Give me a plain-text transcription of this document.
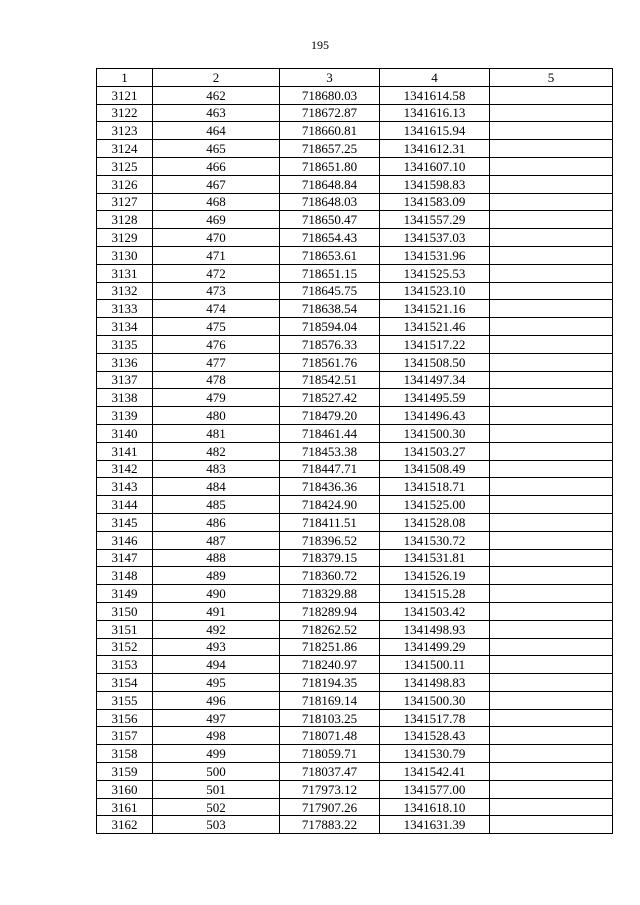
195
1	2	3	4	5
3121	462	718680.03	1341614.58	
3122	463	718672.87	1341616.13	
3123	464	718660.81	1341615.94	
3124	465	718657.25	1341612.31	
3125	466	718651.80	1341607.10	
3126	467	718648.84	1341598.83	
3127	468	718648.03	1341583.09	
3128	469	718650.47	1341557.29	
3129	470	718654.43	1341537.03	
3130	471	718653.61	1341531.96	
3131	472	718651.15	1341525.53	
3132	473	718645.75	1341523.10	
3133	474	718638.54	1341521.16	
3134	475	718594.04	1341521.46	
3135	476	718576.33	1341517.22	
3136	477	718561.76	1341508.50	
3137	478	718542.51	1341497.34	
3138	479	718527.42	1341495.59	
3139	480	718479.20	1341496.43	
3140	481	718461.44	1341500.30	
3141	482	718453.38	1341503.27	
3142	483	718447.71	1341508.49	
3143	484	718436.36	1341518.71	
3144	485	718424.90	1341525.00	
3145	486	718411.51	1341528.08	
3146	487	718396.52	1341530.72	
3147	488	718379.15	1341531.81	
3148	489	718360.72	1341526.19	
3149	490	718329.88	1341515.28	
3150	491	718289.94	1341503.42	
3151	492	718262.52	1341498.93	
3152	493	718251.86	1341499.29	
3153	494	718240.97	1341500.11	
3154	495	718194.35	1341498.83	
3155	496	718169.14	1341500.30	
3156	497	718103.25	1341517.78	
3157	498	718071.48	1341528.43	
3158	499	718059.71	1341530.79	
3159	500	718037.47	1341542.41	
3160	501	717973.12	1341577.00	
3161	502	717907.26	1341618.10	
3162	503	717883.22	1341631.39	
